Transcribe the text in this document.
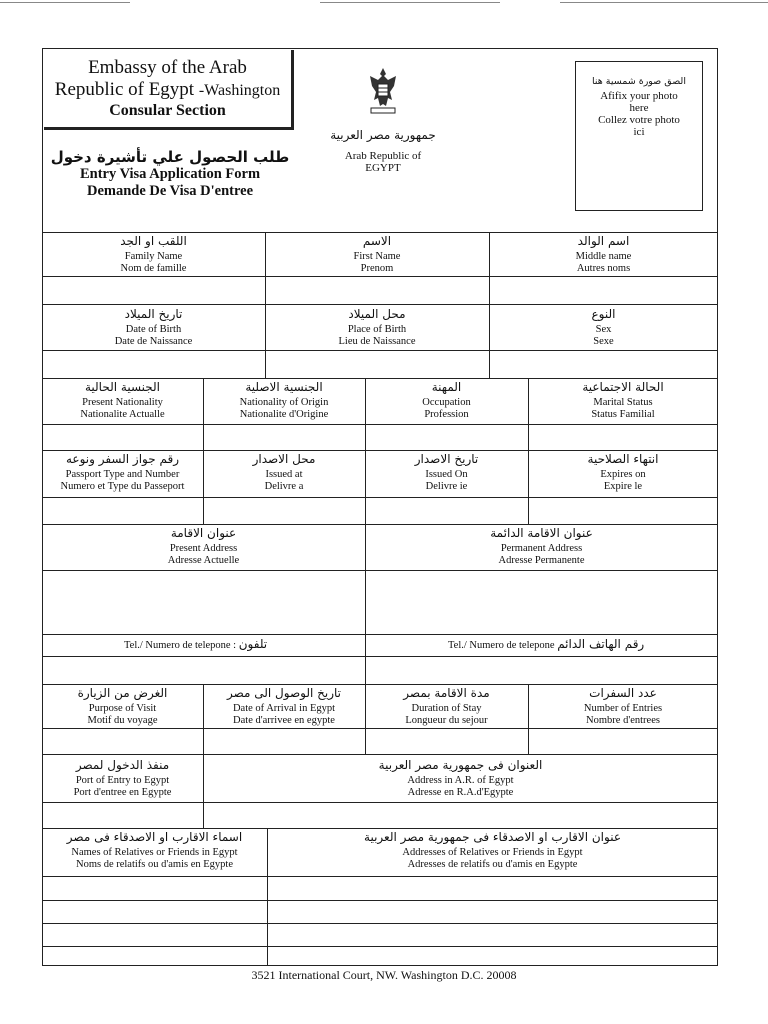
Embassy of the Arab
Republic of Egypt -Washington
Consular Section
جمهورية مصر العربية
Arab Republic of
EGYPT
طلب الحصول علي تأشيرة دخول
Entry Visa Application Form
Demande De Visa D'entree
الصق صورة شمسية هنا
Afifix your photo
here
Collez votre photo
ici
اللقب او الجد
Family Name
Nom de famille
الاسم
First Name
Prenom
اسم الوالد
Middle name
Autres noms
تاريخ الميلاد
Date of Birth
Date de Naissance
محل الميلاد
Place of Birth
Lieu de Naissance
النوع
Sex
Sexe
الجنسية الحالية
Present Nationality
Nationalite Actualle
الجنسية الاصلية
Nationality of Origin
Nationalite d'Origine
المهنة
Occupation
Profession
الحالة الاجتماعية
Marital Status
Status Familial
رقم جواز السفر ونوعه
Passport Type and Number
Numero et Type du Passeport
محل الاصدار
Issued at
Delivre a
تاريخ الاصدار
Issued On
Delivre ie
انتهاء الصلاحية
Expires on
Expire le
عنوان الاقامة
Present Address
Adresse Actuelle
عنوان الاقامة الدائمة
Permanent Address
Adresse Permanente
Tel./ Numero de telepone : تلفون	Tel./ Numero de telepone رقم الهاتف الدائم
الغرض من الزيارة
Purpose of Visit
Motif du voyage
تاريخ الوصول الى مصر
Date of Arrival in Egypt
Date d'arrivee en egypte
مدة الاقامة بمصر
Duration of Stay
Longueur du sejour
عدد السفرات
Number of Entries
Nombre d'entrees
منفذ الدخول لمصر
Port of Entry to Egypt
Port d'entree en Egypte
العنوان فى جمهورية مصر العربية
Address in A.R. of Egypt
Adresse en R.A.d'Egypte
اسماء الاقارب او الاصدقاء فى مصر
Names of Relatives or Friends in Egypt
Noms de relatifs ou d'amis en Egypte
عنوان الاقارب او الاصدقاء فى جمهورية مصر العربية
Addresses of Relatives or Friends in Egypt
Adresses de relatifs ou d'amis en Egypte
3521 International Court, NW. Washington D.C. 20008
